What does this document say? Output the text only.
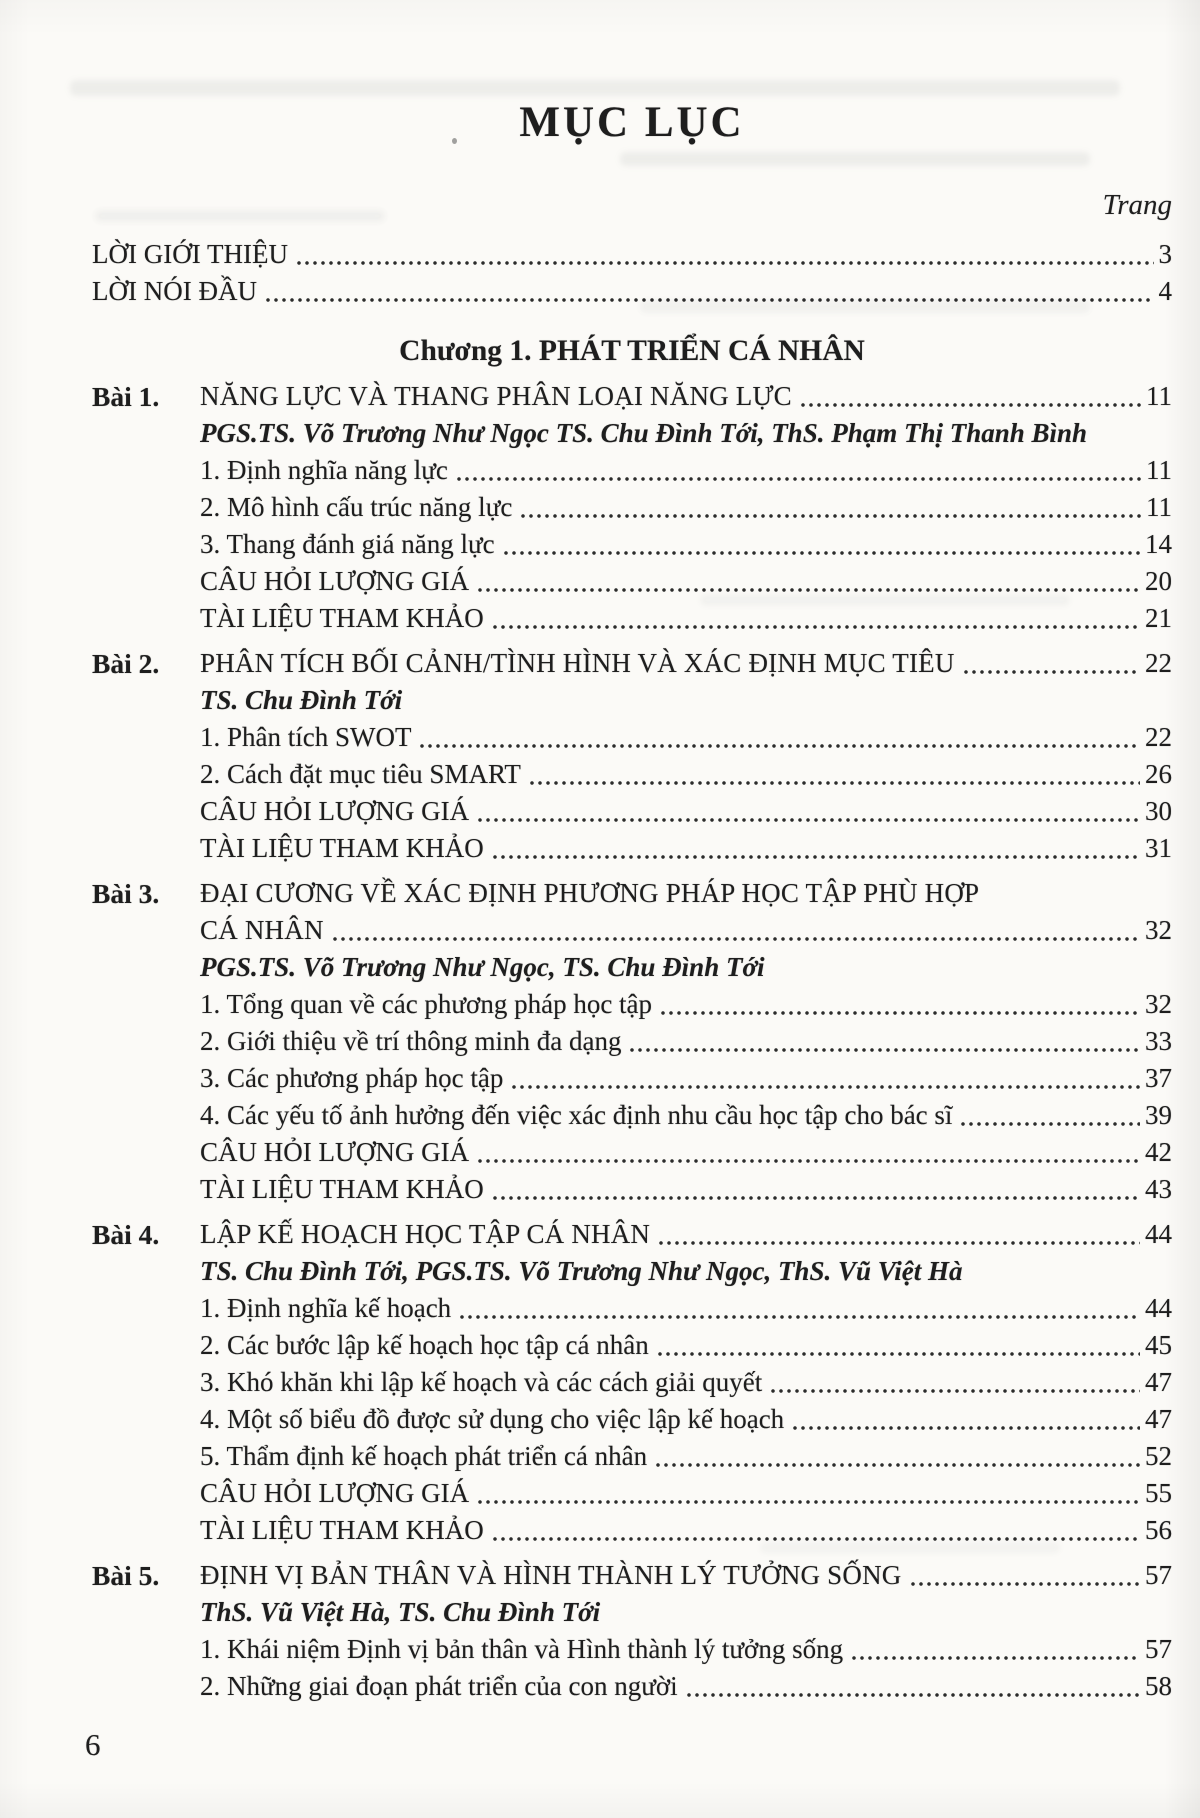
MỤC LỤC
Trang
LỜI GIỚI THIỆU	3
LỜI NÓI ĐẦU	4
Chương 1. PHÁT TRIỂN CÁ NHÂN
Bài 1. NĂNG LỰC VÀ THANG PHÂN LOẠI NĂNG LỰC	11
PGS.TS. Võ Trương Như Ngọc TS. Chu Đình Tới, ThS. Phạm Thị Thanh Bình
1. Định nghĩa năng lực	11
2. Mô hình cấu trúc năng lực	11
3. Thang đánh giá năng lực	14
CÂU HỎI LƯỢNG GIÁ	20
TÀI LIỆU THAM KHẢO	21
Bài 2. PHÂN TÍCH BỐI CẢNH/TÌNH HÌNH VÀ XÁC ĐỊNH MỤC TIÊU	22
TS. Chu Đình Tới
1. Phân tích SWOT	22
2. Cách đặt mục tiêu SMART	26
CÂU HỎI LƯỢNG GIÁ	30
TÀI LIỆU THAM KHẢO	31
Bài 3. ĐẠI CƯƠNG VỀ XÁC ĐỊNH PHƯƠNG PHÁP HỌC TẬP PHÙ HỢP
CÁ NHÂN	32
PGS.TS. Võ Trương Như Ngọc, TS. Chu Đình Tới
1. Tổng quan về các phương pháp học tập	32
2. Giới thiệu về trí thông minh đa dạng	33
3. Các phương pháp học tập	37
4. Các yếu tố ảnh hưởng đến việc xác định nhu cầu học tập cho bác sĩ	39
CÂU HỎI LƯỢNG GIÁ	42
TÀI LIỆU THAM KHẢO	43
Bài 4. LẬP KẾ HOẠCH HỌC TẬP CÁ NHÂN	44
TS. Chu Đình Tới, PGS.TS. Võ Trương Như Ngọc, ThS. Vũ Việt Hà
1. Định nghĩa kế hoạch	44
2. Các bước lập kế hoạch học tập cá nhân	45
3. Khó khăn khi lập kế hoạch và các cách giải quyết	47
4. Một số biểu đồ được sử dụng cho việc lập kế hoạch	47
5. Thẩm định kế hoạch phát triển cá nhân	52
CÂU HỎI LƯỢNG GIÁ	55
TÀI LIỆU THAM KHẢO	56
Bài 5. ĐỊNH VỊ BẢN THÂN VÀ HÌNH THÀNH LÝ TƯỞNG SỐNG	57
ThS. Vũ Việt Hà, TS. Chu Đình Tới
1. Khái niệm Định vị bản thân và Hình thành lý tưởng sống	57
2. Những giai đoạn phát triển của con người	58
6
